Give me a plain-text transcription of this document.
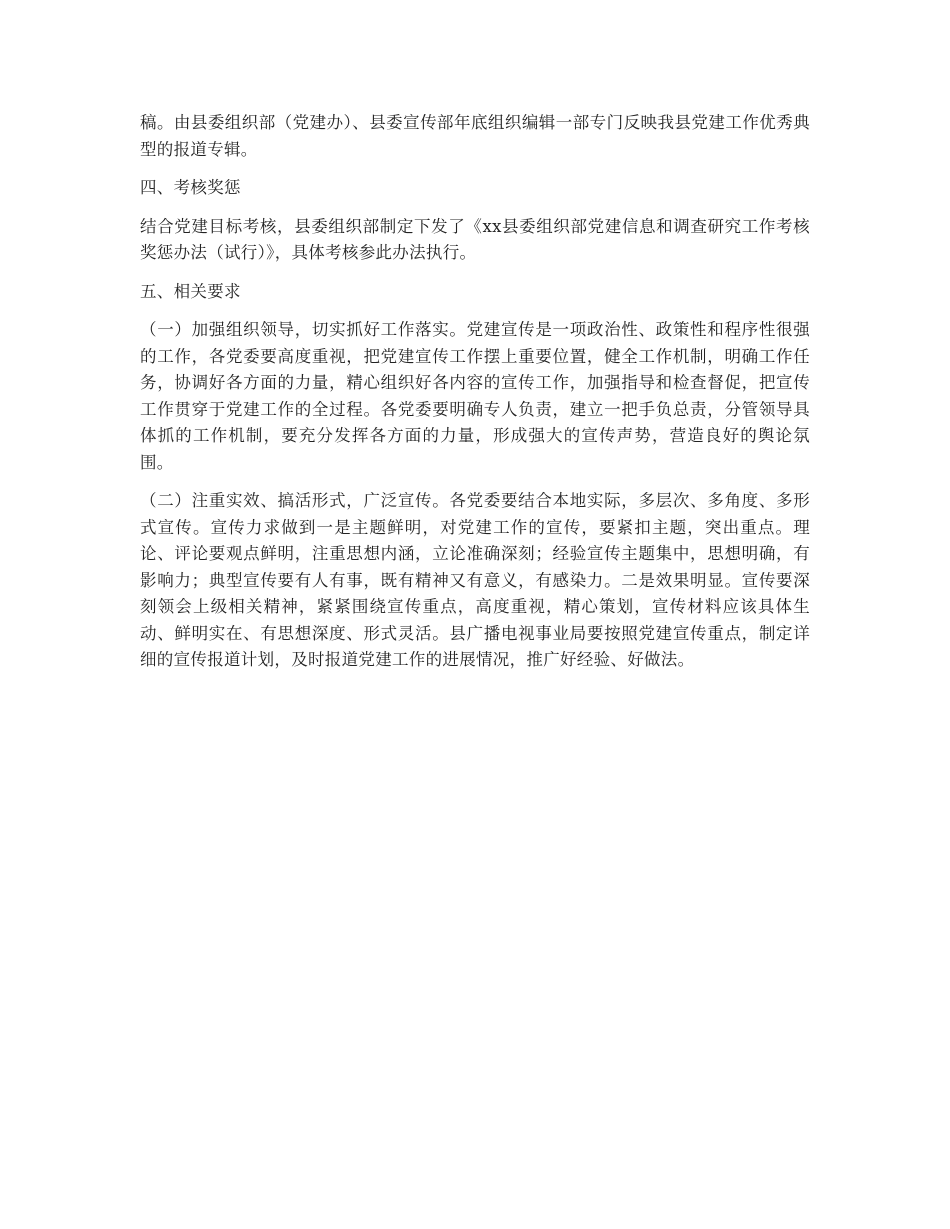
稿。由县委组织部（党建办）、县委宣传部年底组织编辑一部专门反映我县党建工作优秀典型的报道专辑。

四、考核奖惩

结合党建目标考核，县委组织部制定下发了《xx县委组织部党建信息和调查研究工作考核奖惩办法（试行）》，具体考核参此办法执行。

五、相关要求

（一）加强组织领导，切实抓好工作落实。党建宣传是一项政治性、政策性和程序性很强的工作，各党委要高度重视，把党建宣传工作摆上重要位置，健全工作机制，明确工作任务，协调好各方面的力量，精心组织好各内容的宣传工作，加强指导和检查督促，把宣传工作贯穿于党建工作的全过程。各党委要明确专人负责，建立一把手负总责，分管领导具体抓的工作机制，要充分发挥各方面的力量，形成强大的宣传声势，营造良好的舆论氛围。

（二）注重实效、搞活形式，广泛宣传。各党委要结合本地实际，多层次、多角度、多形式宣传。宣传力求做到一是主题鲜明，对党建工作的宣传，要紧扣主题，突出重点。理论、评论要观点鲜明，注重思想内涵，立论准确深刻；经验宣传主题集中，思想明确，有影响力；典型宣传要有人有事，既有精神又有意义，有感染力。二是效果明显。宣传要深刻领会上级相关精神，紧紧围绕宣传重点，高度重视，精心策划，宣传材料应该具体生动、鲜明实在、有思想深度、形式灵活。县广播电视事业局要按照党建宣传重点，制定详细的宣传报道计划，及时报道党建工作的进展情况，推广好经验、好做法。
